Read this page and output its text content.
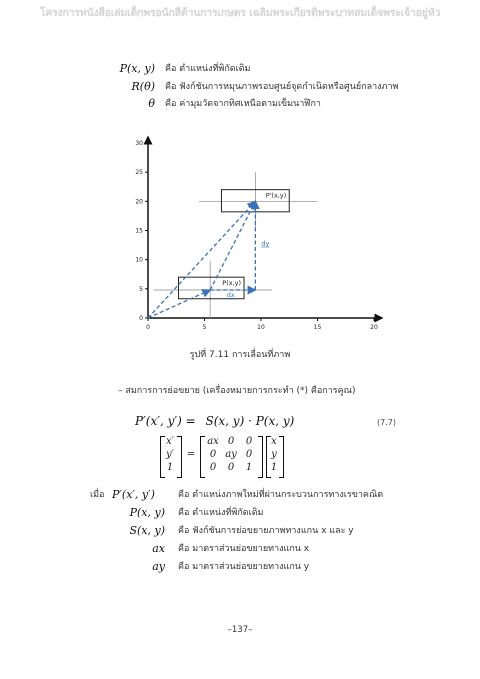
โครงการหนังสือเล่มเด็กพรอนักสีด้านการเกษตร เฉลิมพระเกียรติพระบาทสมเด็จพระเจ้าอยู่หัว
P(x, y) คือ ตำแหน่งที่พิกัดเดิม
R(θ) คือ ฟังก์ชันการหมุนภาพรอบศูนย์จุดกำเนิดหรือศูนย์กลางภาพ
θ คือ ค่ามุมวัดจากทิศเหนือตามเข็มนาฬิกา
0	5	10	15	20
0
5
10
15
20
25
30
P(x,y)
P'(x,y)
dx
dy
รูปที่ 7.11 การเลื่อนที่ภาพ
– สมการการย่อขยาย (เครื่องหมายการกระทำ (*) คือการคูณ)
P′(x′, y′) = S(x, y) · P(x, y)	(7.7)
x′
y′
1
=
ax 0	0
0 ay 0
0	0	1
x
y
1
เมื่อ P′(x′, y′)	คือ ตำแหน่งภาพใหม่ที่ผ่านกระบวนการทางเรขาคณิต
P(x, y) คือ ตำแหน่งที่พิกัดเดิม
S(x, y) คือ ฟังก์ชันการย่อขยายภาพทางแกน x และ y
ax คือ มาตราส่วนย่อขยายทางแกน x
ay คือ มาตราส่วนย่อขยายทางแกน y
–137–
